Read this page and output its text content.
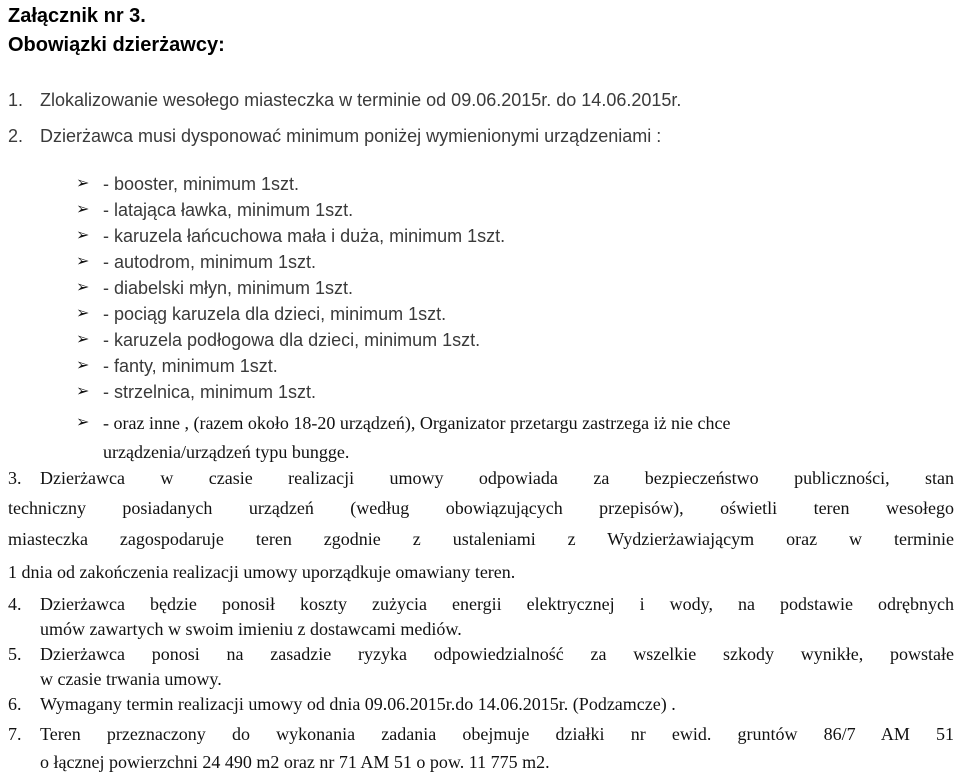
Załącznik nr 3.
Obowiązki dzierżawcy:
1. Zlokalizowanie wesołego miasteczka w terminie od 09.06.2015r. do 14.06.2015r.
2. Dzierżawca musi dysponować minimum poniżej wymienionymi urządzeniami :
➢ - booster, minimum 1szt.
➢ - latająca ławka, minimum 1szt.
➢ - karuzela łańcuchowa mała i duża, minimum 1szt.
➢ - autodrom, minimum 1szt.
➢ - diabelski młyn, minimum 1szt.
➢ - pociąg karuzela dla dzieci, minimum 1szt.
➢ - karuzela podłogowa dla dzieci, minimum 1szt.
➢ - fanty, minimum 1szt.
➢ - strzelnica, minimum 1szt.
➢ - oraz inne , (razem około 18-20 urządzeń), Organizator przetargu zastrzega iż nie chce
urządzenia/urządzeń typu bungge.
3. Dzierżawca w czasie realizacji umowy odpowiada za bezpieczeństwo publiczności, stan
techniczny posiadanych urządzeń (według obowiązujących przepisów), oświetli teren wesołego
miasteczka zagospodaruje teren zgodnie z ustaleniami z Wydzierżawiającym oraz w terminie
1 dnia od zakończenia realizacji umowy uporządkuje omawiany teren.
4. Dzierżawca będzie ponosił koszty zużycia energii elektrycznej i wody, na podstawie odrębnych
umów zawartych w swoim imieniu z dostawcami mediów.
5. Dzierżawca ponosi na zasadzie ryzyka odpowiedzialność za wszelkie szkody wynikłe, powstałe
w czasie trwania umowy.
6. Wymagany termin realizacji umowy od dnia 09.06.2015r.do 14.06.2015r. (Podzamcze) .
7. Teren przeznaczony do wykonania zadania obejmuje działki nr ewid. gruntów 86/7 AM 51
o łącznej powierzchni 24 490 m2 oraz nr 71 AM 51 o pow. 11 775 m2.
